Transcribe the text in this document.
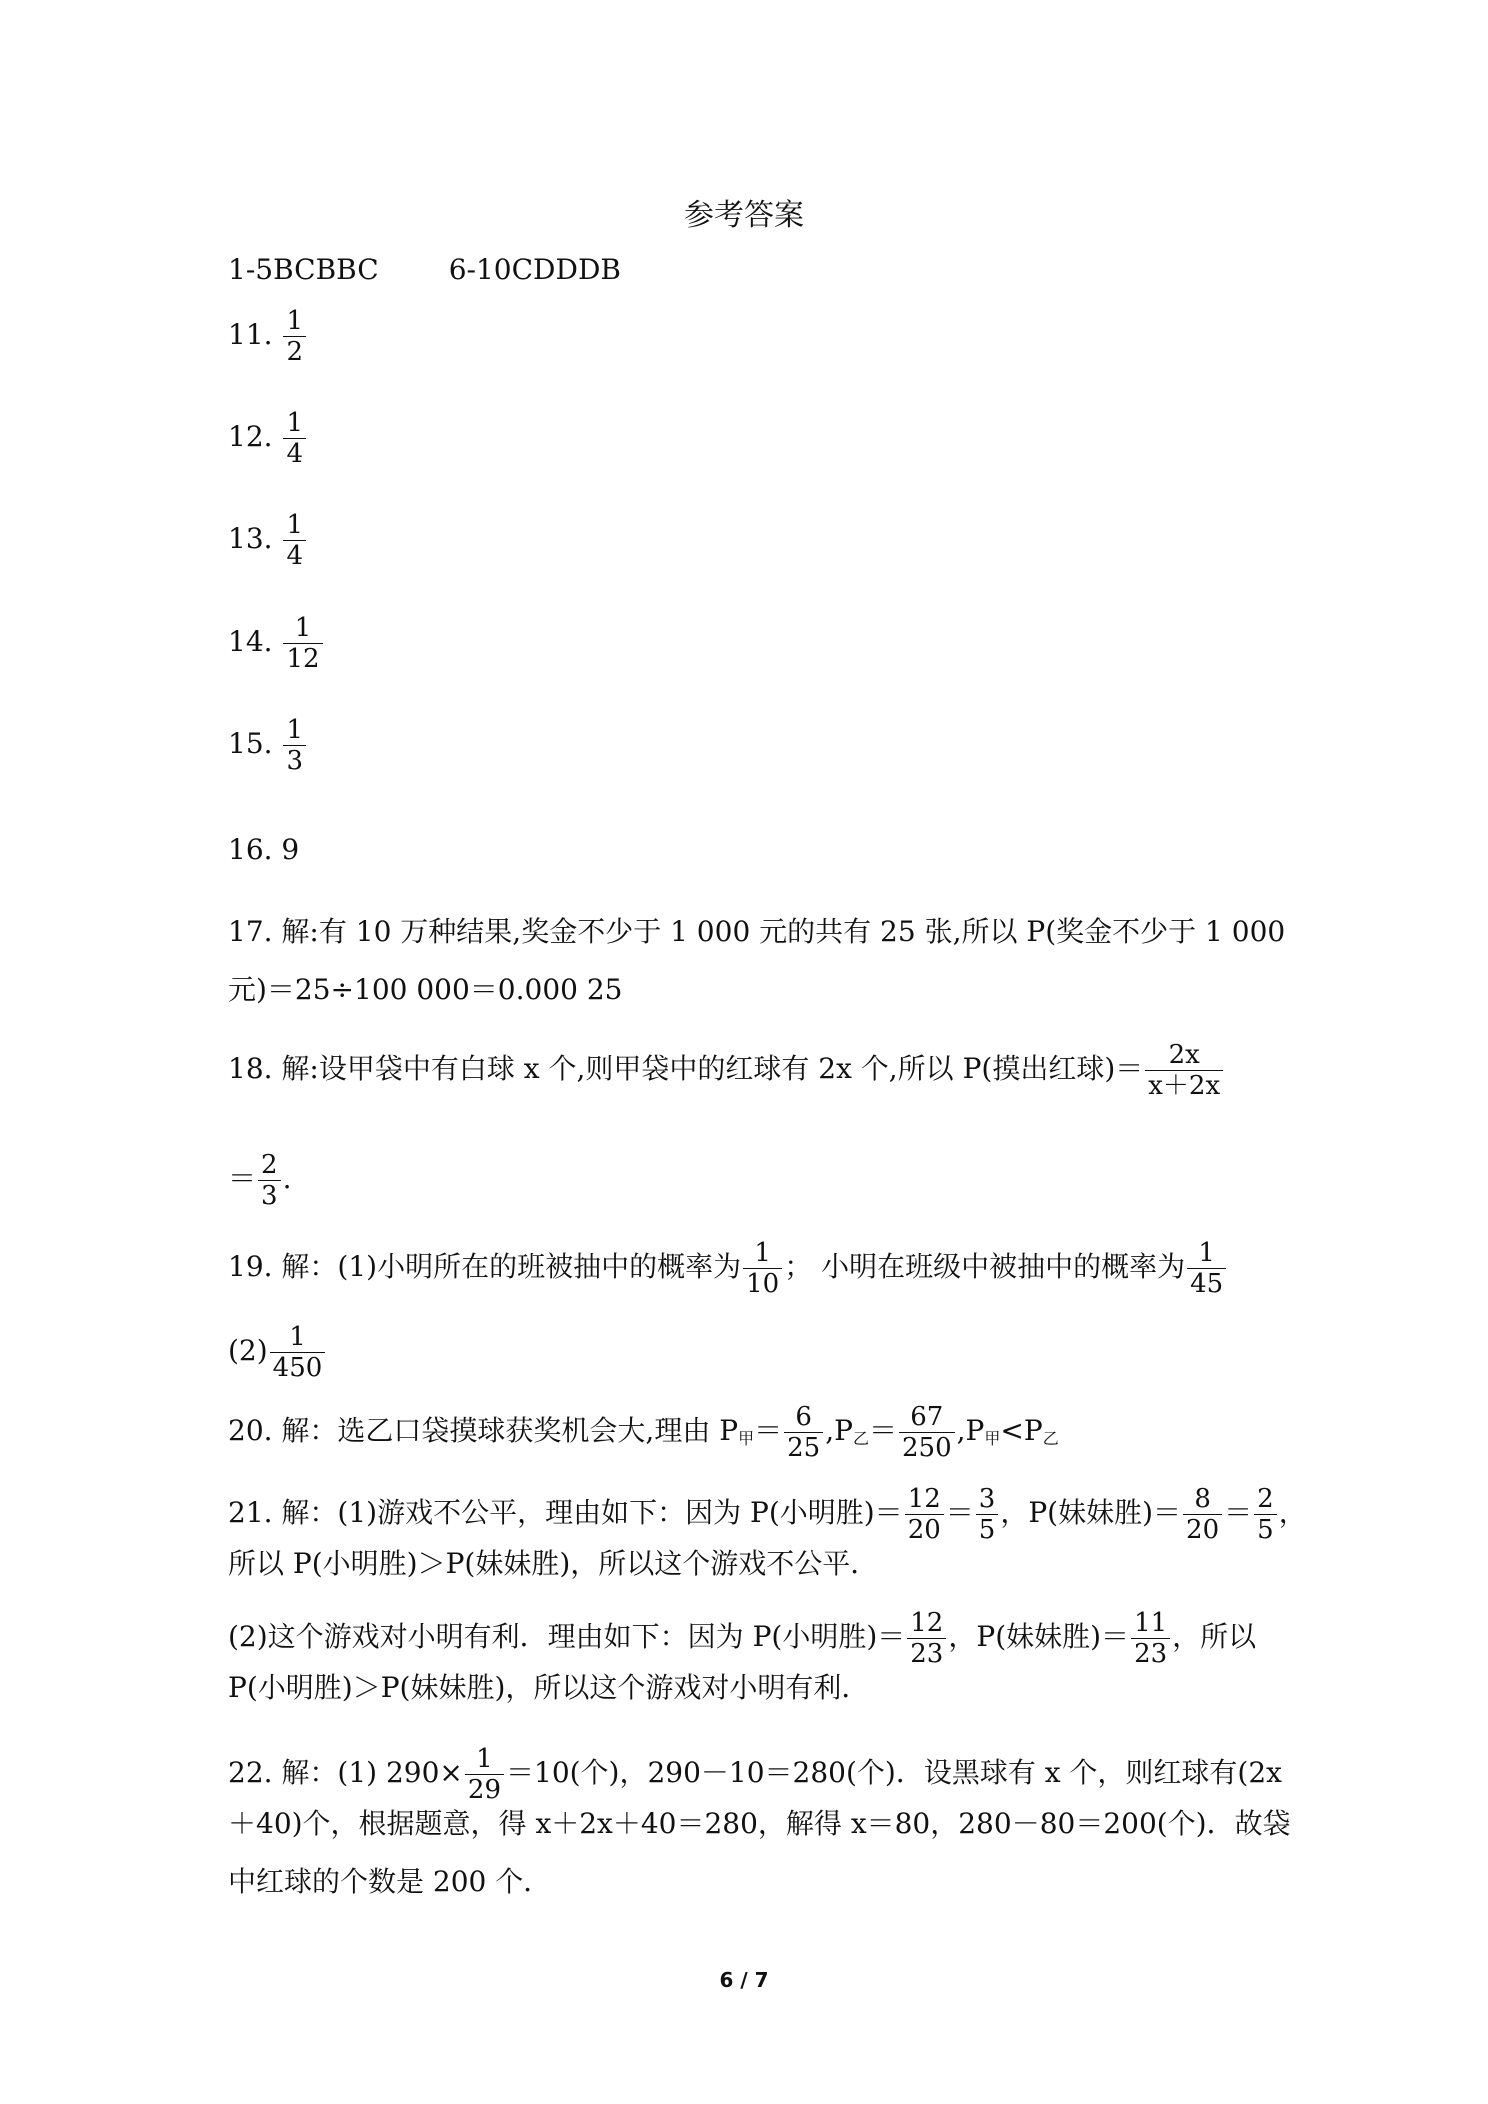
参考答案
1-5BCBBC	6-10CDDDB
11. $\frac{1}{2}$
12. $\frac{1}{4}$
13. $\frac{1}{4}$
14. $\frac{1}{12}$
15. $\frac{1}{3}$
16. 9
17. 解:有 10 万种结果,奖金不少于 1 000 元的共有 25 张,所以 P(奖金不少于 1 000
元)＝25÷100 000＝0.000 25
18. 解:设甲袋中有白球 x 个,则甲袋中的红球有 2x 个,所以 P(摸出红球)＝ $\frac{2x}{x+2x}$
＝ $\frac{2}{3}$ .
19. 解：(1)小明所在的班被抽中的概率为 $\frac{1}{10}$ ； 小明在班级中被抽中的概率为 $\frac{1}{45}$
$(2) \frac{1}{450}$
20. 解：选乙口袋摸球获奖机会大,理由 $P_甲= \frac{6}{25} ,P_乙= \frac{67}{250} ,P_甲<P_乙$
21. 解：(1)游戏不公平，理由如下：因为 P(小明胜)＝ $\frac{12}{20} = \frac{3}{5}$ ，P(妹妹胜)＝ $\frac{8}{20} = \frac{2}{5}$ ，
所以 P(小明胜)＞P(妹妹胜)，所以这个游戏不公平．
(2)这个游戏对小明有利．理由如下：因为 P(小明胜)＝ $\frac{12}{23}$ ，P(妹妹胜)＝ $\frac{11}{23}$ ，所以
P(小明胜)＞P(妹妹胜)，所以这个游戏对小明有利．
22. 解：(1) $290\times \frac{1}{29} =10$(个)，290－10＝280(个)．设黑球有 x 个，则红球有(2x
＋40)个，根据题意，得 x＋2x＋40＝280，解得 x＝80，280－80＝200(个)．故袋
中红球的个数是 200 个．
6 / 7
